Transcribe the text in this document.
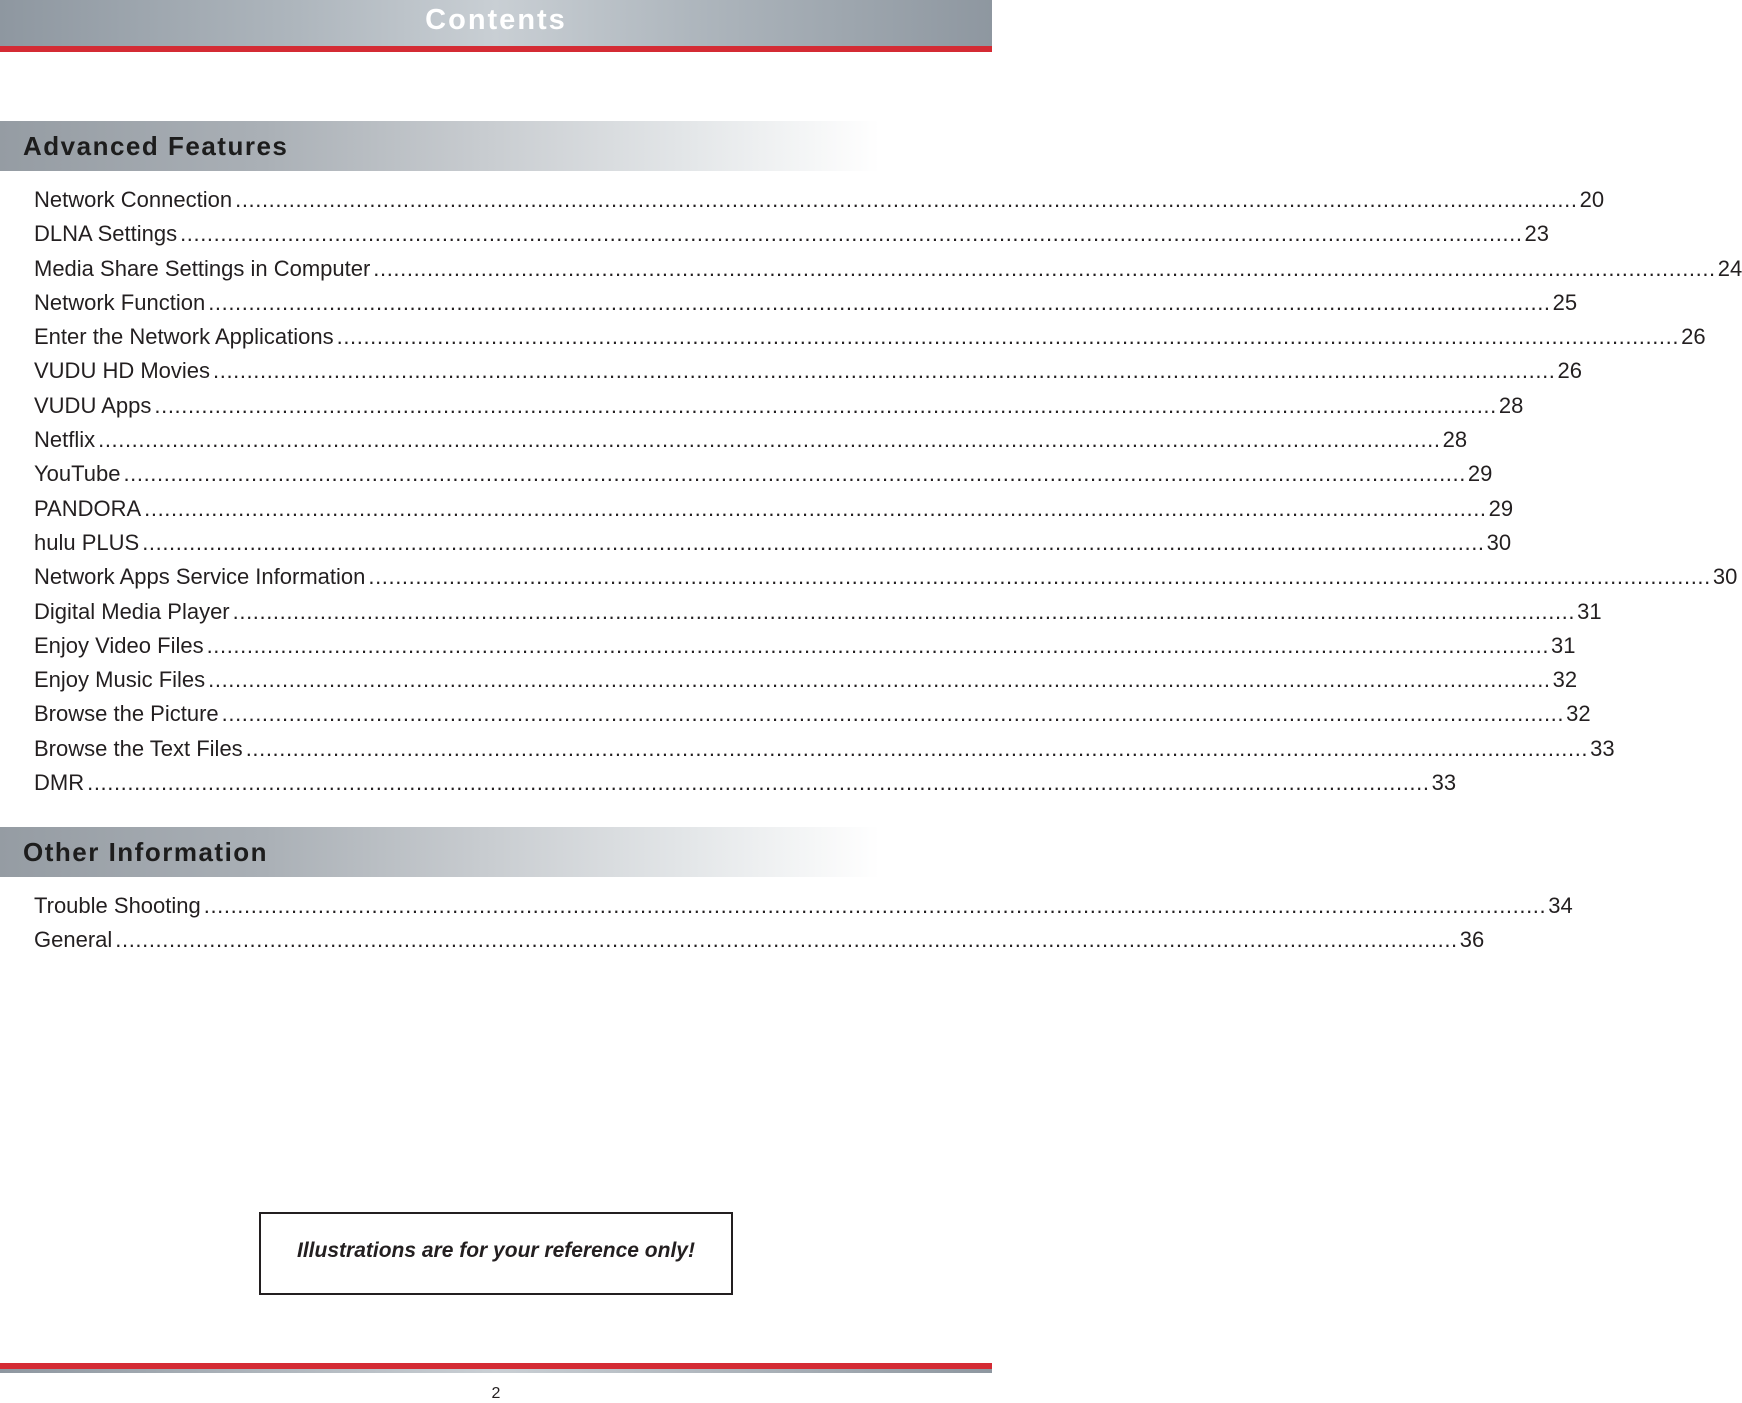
Contents
Advanced Features
Network Connection ........................................................................................................................................................................................................ 20
DLNA Settings ........................................................................................................................................................................................................ 23
Media Share Settings in Computer ........................................................................................................................................................................................................ 24
Network Function ........................................................................................................................................................................................................ 25
Enter the Network Applications ........................................................................................................................................................................................................ 26
VUDU HD Movies ........................................................................................................................................................................................................ 26
VUDU Apps ........................................................................................................................................................................................................ 28
Netflix ........................................................................................................................................................................................................ 28
YouTube ........................................................................................................................................................................................................ 29
PANDORA ........................................................................................................................................................................................................ 29
hulu PLUS ........................................................................................................................................................................................................ 30
Network Apps Service Information ........................................................................................................................................................................................................ 30
Digital Media Player ........................................................................................................................................................................................................ 31
Enjoy Video Files ........................................................................................................................................................................................................ 31
Enjoy Music Files ........................................................................................................................................................................................................ 32
Browse the Picture ........................................................................................................................................................................................................ 32
Browse the Text Files ........................................................................................................................................................................................................ 33
DMR ........................................................................................................................................................................................................ 33
Other Information
Trouble Shooting ........................................................................................................................................................................................................ 34
General ........................................................................................................................................................................................................ 36
Illustrations are for your reference only!
2
